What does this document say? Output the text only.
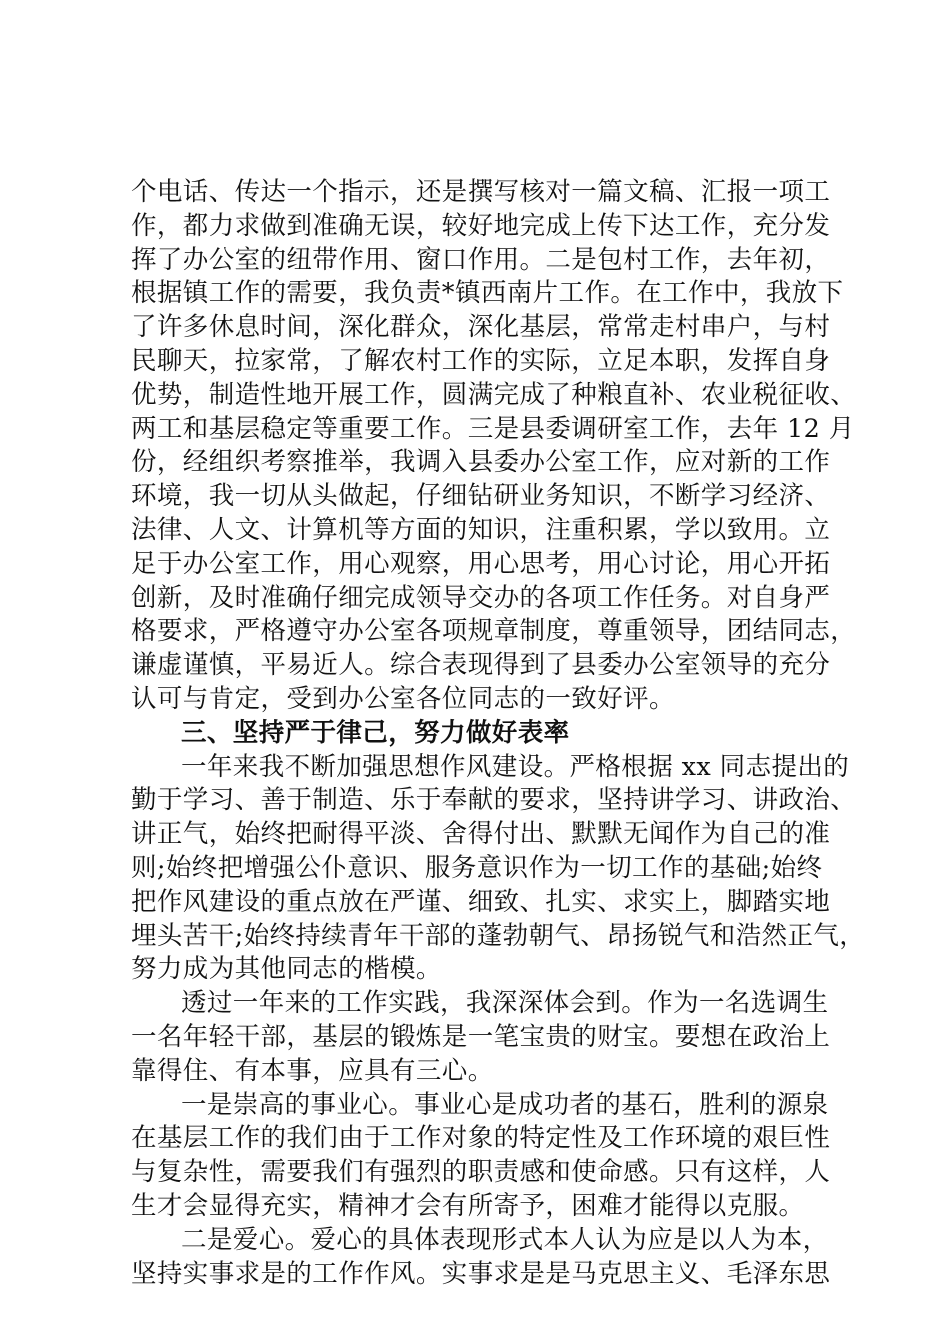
个电话、传达一个指示，还是撰写核对一篇文稿、汇报一项工
作，都力求做到准确无误，较好地完成上传下达工作，充分发
挥了办公室的纽带作用、窗口作用。二是包村工作，去年初，
根据镇工作的需要，我负责*镇西南片工作。在工作中，我放下
了许多休息时间，深化群众，深化基层，常常走村串户，与村
民聊天，拉家常，了解农村工作的实际，立足本职，发挥自身
优势，制造性地开展工作，圆满完成了种粮直补、农业税征收、
两工和基层稳定等重要工作。三是县委调研室工作，去年 12 月
份，经组织考察推举，我调入县委办公室工作，应对新的工作
环境，我一切从头做起，仔细钻研业务知识，不断学习经济、
法律、人文、计算机等方面的知识，注重积累，学以致用。立
足于办公室工作，用心观察，用心思考，用心讨论，用心开拓
创新，及时准确仔细完成领导交办的各项工作任务。对自身严
格要求，严格遵守办公室各项规章制度，尊重领导，团结同志，
谦虚谨慎，平易近人。综合表现得到了县委办公室领导的充分
认可与肯定，受到办公室各位同志的一致好评。
三、坚持严于律己，努力做好表率
一年来我不断加强思想作风建设。严格根据 xx 同志提出的
勤于学习、善于制造、乐于奉献的要求，坚持讲学习、讲政治、
讲正气，始终把耐得平淡、舍得付出、默默无闻作为自己的准
则;始终把增强公仆意识、服务意识作为一切工作的基础;始终
把作风建设的重点放在严谨、细致、扎实、求实上，脚踏实地
埋头苦干;始终持续青年干部的蓬勃朝气、昂扬锐气和浩然正气，
努力成为其他同志的楷模。
透过一年来的工作实践，我深深体会到。作为一名选调生
一名年轻干部，基层的锻炼是一笔宝贵的财宝。要想在政治上
靠得住、有本事，应具有三心。
一是崇高的事业心。事业心是成功者的基石，胜利的源泉
在基层工作的我们由于工作对象的特定性及工作环境的艰巨性
与复杂性，需要我们有强烈的职责感和使命感。只有这样，人
生才会显得充实，精神才会有所寄予，困难才能得以克服。
二是爱心。爱心的具体表现形式本人认为应是以人为本，
坚持实事求是的工作作风。实事求是是马克思主义、毛泽东思
